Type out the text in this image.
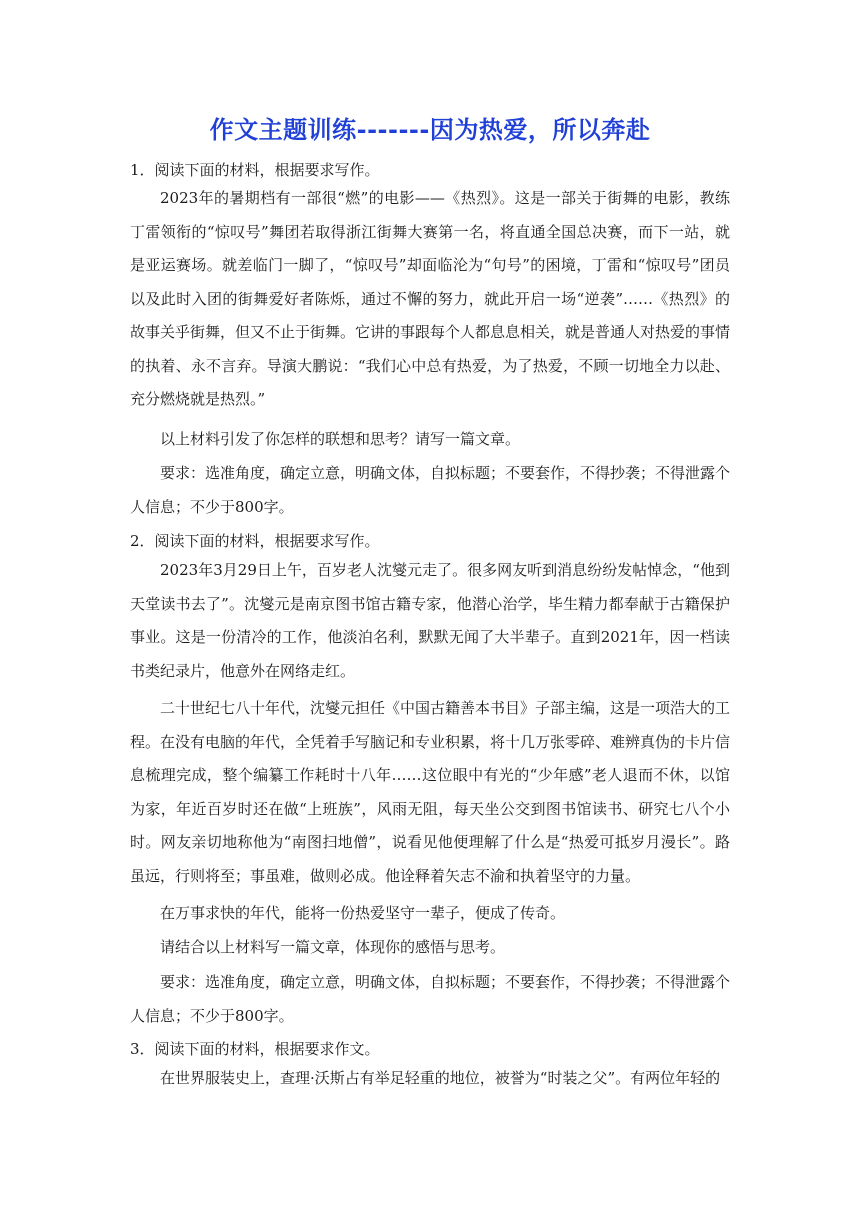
作文主题训练-------因为热爱，所以奔赴
1．阅读下面的材料，根据要求写作。
2023年的暑期档有一部很“燃”的电影——《热烈》。这是一部关于街舞的电影，教练丁雷领衔的“惊叹号”舞团若取得浙江街舞大赛第一名，将直通全国总决赛，而下一站，就是亚运赛场。就差临门一脚了，“惊叹号”却面临沦为“句号”的困境，丁雷和“惊叹号”团员以及此时入团的街舞爱好者陈烁，通过不懈的努力，就此开启一场“逆袭”……《热烈》的故事关乎街舞，但又不止于街舞。它讲的事跟每个人都息息相关，就是普通人对热爱的事情的执着、永不言弃。导演大鹏说：“我们心中总有热爱，为了热爱，不顾一切地全力以赴、充分燃烧就是热烈。”
以上材料引发了你怎样的联想和思考？请写一篇文章。
要求：选准角度，确定立意，明确文体，自拟标题；不要套作，不得抄袭；不得泄露个人信息；不少于800字。
2．阅读下面的材料，根据要求写作。
2023年3月29日上午，百岁老人沈燮元走了。很多网友听到消息纷纷发帖悼念，“他到天堂读书去了”。沈燮元是南京图书馆古籍专家，他潜心治学，毕生精力都奉献于古籍保护事业。这是一份清冷的工作，他淡泊名利，默默无闻了大半辈子。直到2021年，因一档读书类纪录片，他意外在网络走红。
二十世纪七八十年代，沈燮元担任《中国古籍善本书目》子部主编，这是一项浩大的工程。在没有电脑的年代，全凭着手写脑记和专业积累，将十几万张零碎、难辨真伪的卡片信息梳理完成，整个编纂工作耗时十八年……这位眼中有光的“少年感”老人退而不休，以馆为家，年近百岁时还在做“上班族”，风雨无阻，每天坐公交到图书馆读书、研究七八个小时。网友亲切地称他为“南图扫地僧”，说看见他便理解了什么是“热爱可抵岁月漫长”。路虽远，行则将至；事虽难，做则必成。他诠释着矢志不渝和执着坚守的力量。
在万事求快的年代，能将一份热爱坚守一辈子，便成了传奇。
请结合以上材料写一篇文章，体现你的感悟与思考。
要求：选准角度，确定立意，明确文体，自拟标题；不要套作，不得抄袭；不得泄露个人信息；不少于800字。
3．阅读下面的材料，根据要求作文。
在世界服装史上，查理·沃斯占有举足轻重的地位，被誉为“时装之父”。有两位年轻的
